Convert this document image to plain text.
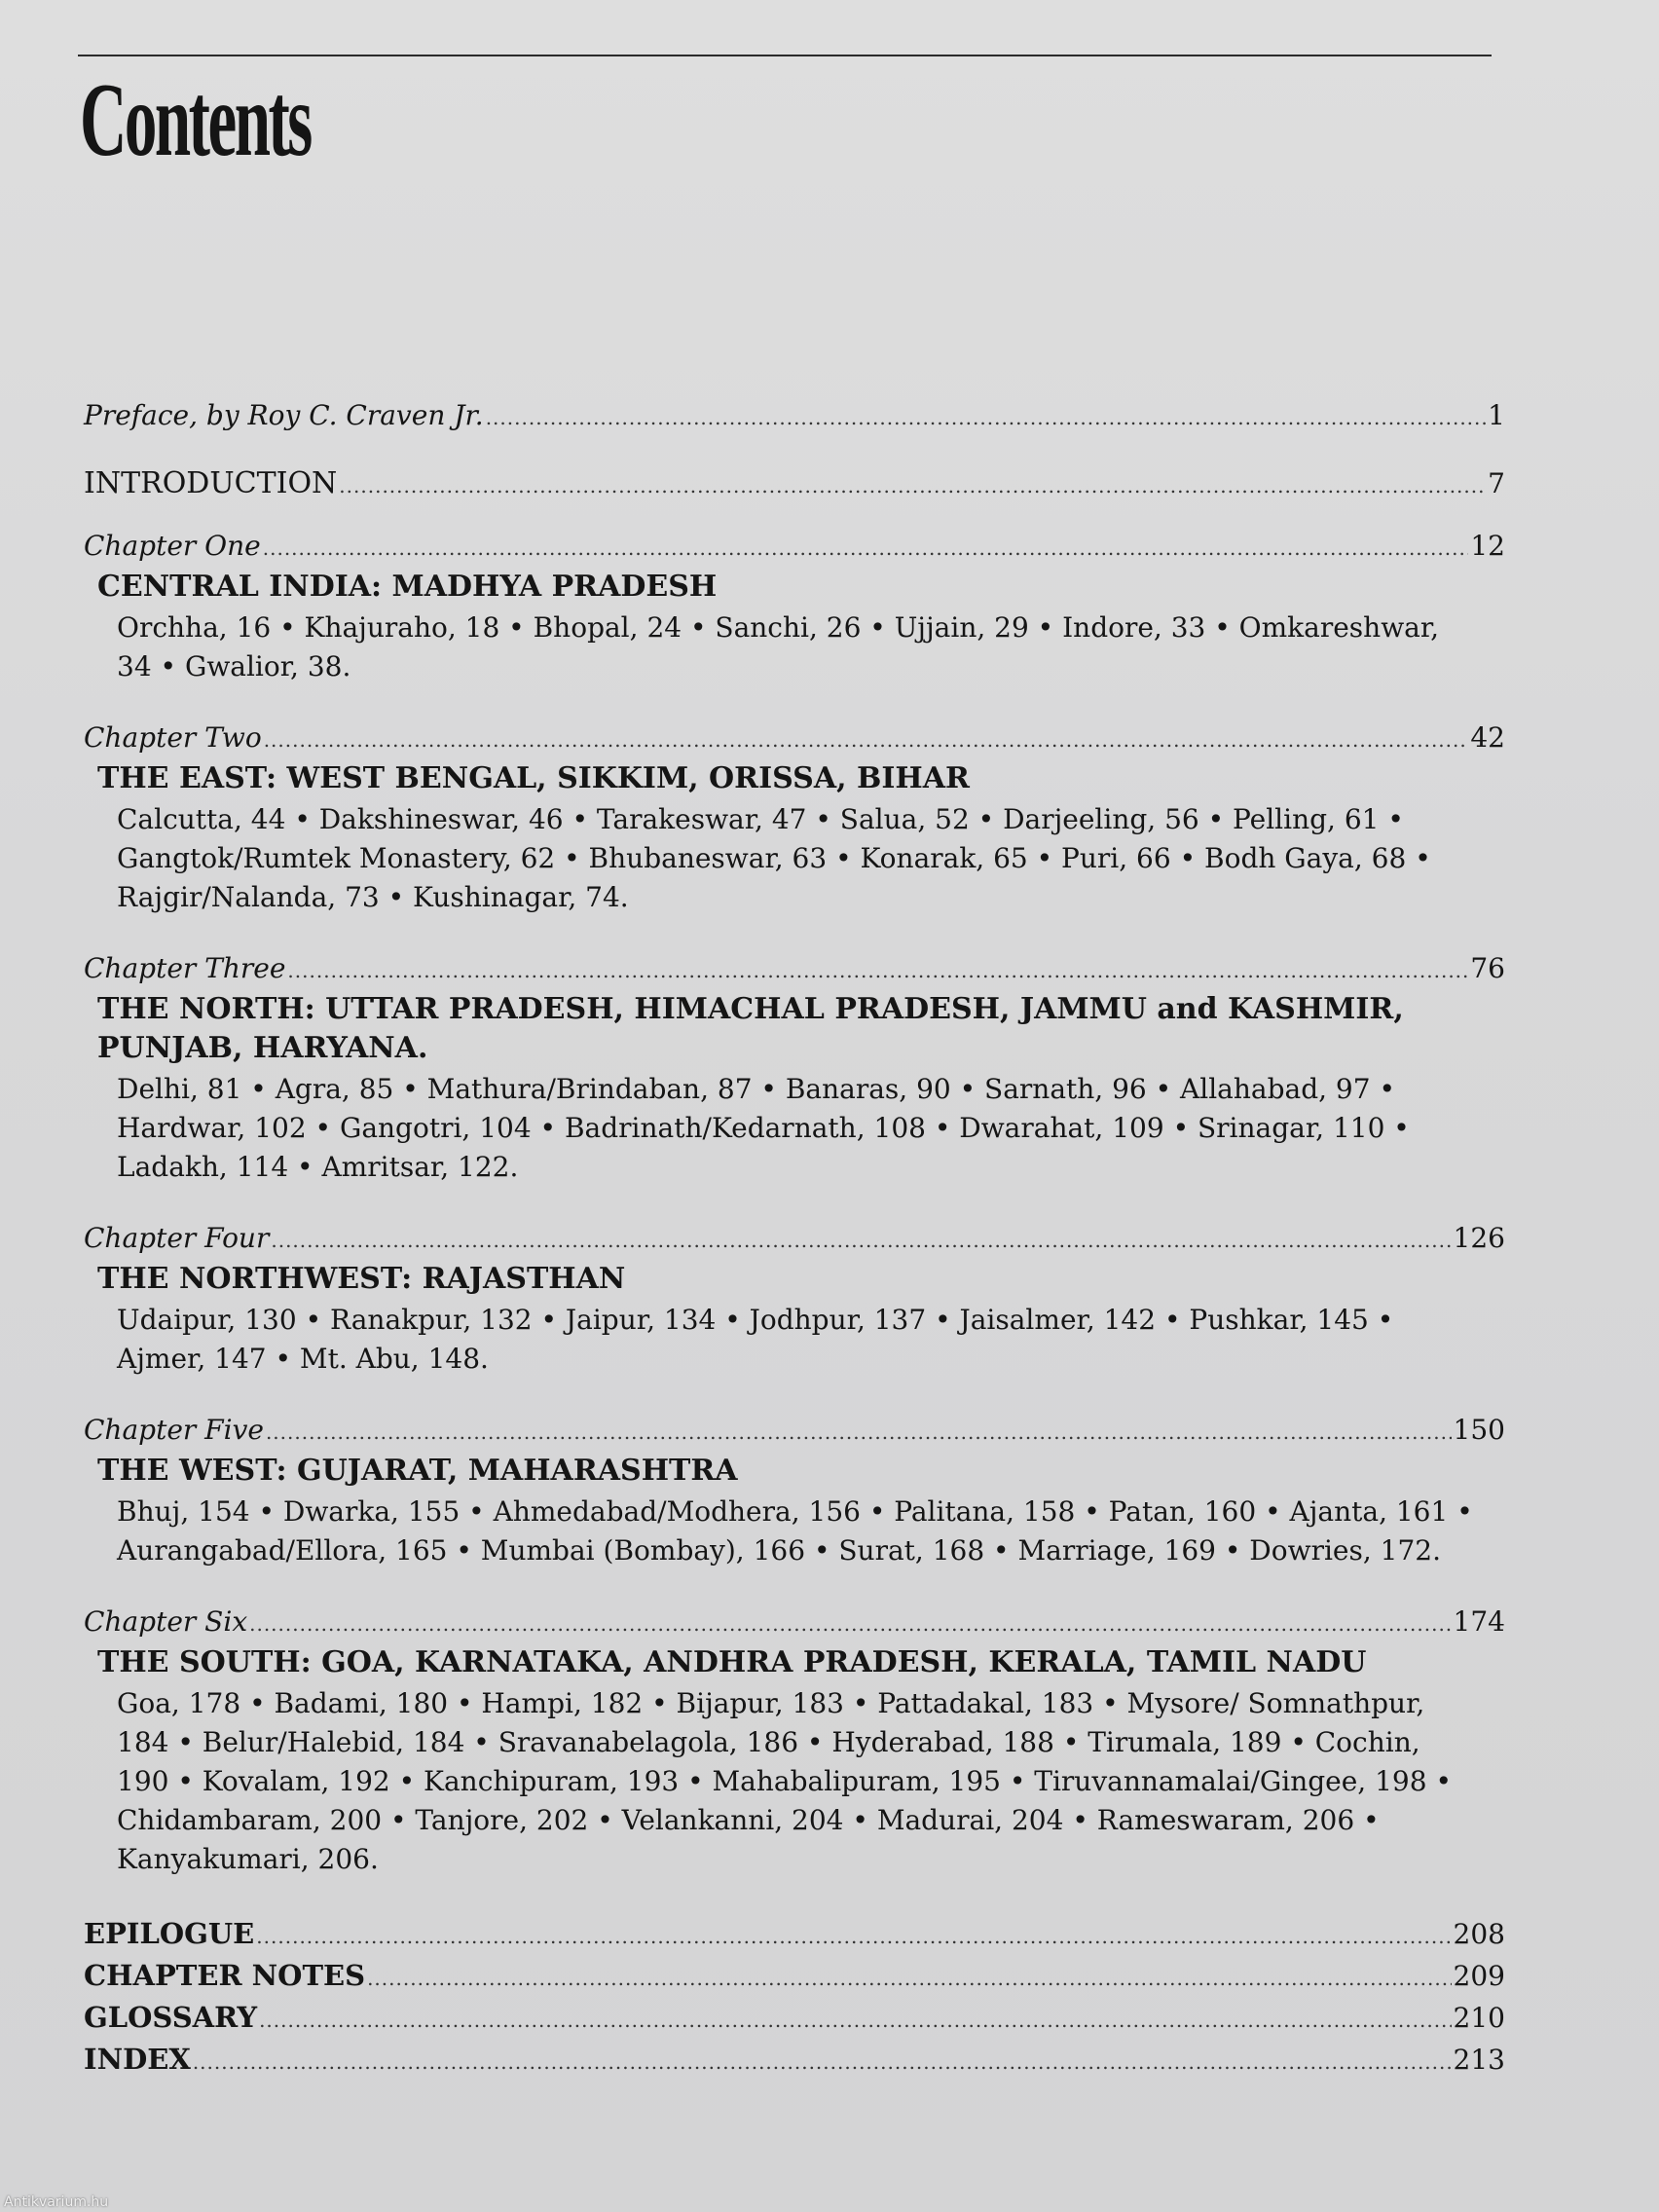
Contents
Preface, by Roy C. Craven Jr. .....	1
INTRODUCTION .....	7
Chapter One .....	12
CENTRAL INDIA: MADHYA PRADESH
Orchha, 16 • Khajuraho, 18 • Bhopal, 24 • Sanchi, 26 • Ujjain, 29 • Indore, 33 • Omkareshwar, 34 • Gwalior, 38.
Chapter Two .....	42
THE EAST: WEST BENGAL, SIKKIM, ORISSA, BIHAR
Calcutta, 44 • Dakshineswar, 46 • Tarakeswar, 47 • Salua, 52 • Darjeeling, 56 • Pelling, 61 • Gangtok/Rumtek Monastery, 62 • Bhubaneswar, 63 • Konarak, 65 • Puri, 66 • Bodh Gaya, 68 • Rajgir/Nalanda, 73 • Kushinagar, 74.
Chapter Three .....	76
THE NORTH: UTTAR PRADESH, HIMACHAL PRADESH, JAMMU and KASHMIR, PUNJAB, HARYANA.
Delhi, 81 • Agra, 85 • Mathura/Brindaban, 87 • Banaras, 90 • Sarnath, 96 • Allahabad, 97 • Hardwar, 102 • Gangotri, 104 • Badrinath/Kedarnath, 108 • Dwarahat, 109 • Srinagar, 110 • Ladakh, 114 • Amritsar, 122.
Chapter Four .....	126
THE NORTHWEST: RAJASTHAN
Udaipur, 130 • Ranakpur, 132 • Jaipur, 134 • Jodhpur, 137 • Jaisalmer, 142 • Pushkar, 145 • Ajmer, 147 • Mt. Abu, 148.
Chapter Five .....	150
THE WEST: GUJARAT, MAHARASHTRA
Bhuj, 154 • Dwarka, 155 • Ahmedabad/Modhera, 156 • Palitana, 158 • Patan, 160 • Ajanta, 161 • Aurangabad/Ellora, 165 • Mumbai (Bombay), 166 • Surat, 168 • Marriage, 169 • Dowries, 172.
Chapter Six .....	174
THE SOUTH: GOA, KARNATAKA, ANDHRA PRADESH, KERALA, TAMIL NADU
Goa, 178 • Badami, 180 • Hampi, 182 • Bijapur, 183 • Pattadakal, 183 • Mysore/ Somnathpur, 184 • Belur/Halebid, 184 • Sravanabelagola, 186 • Hyderabad, 188 • Tirumala, 189 • Cochin, 190 • Kovalam, 192 • Kanchipuram, 193 • Mahabalipuram, 195 • Tiruvannamalai/Gingee, 198 • Chidambaram, 200 • Tanjore, 202 • Velankanni, 204 • Madurai, 204 • Rameswaram, 206 • Kanyakumari, 206.
EPILOGUE .....	208
CHAPTER NOTES .....	209
GLOSSARY .....	210
INDEX .....	213
Antikvarium.hu
